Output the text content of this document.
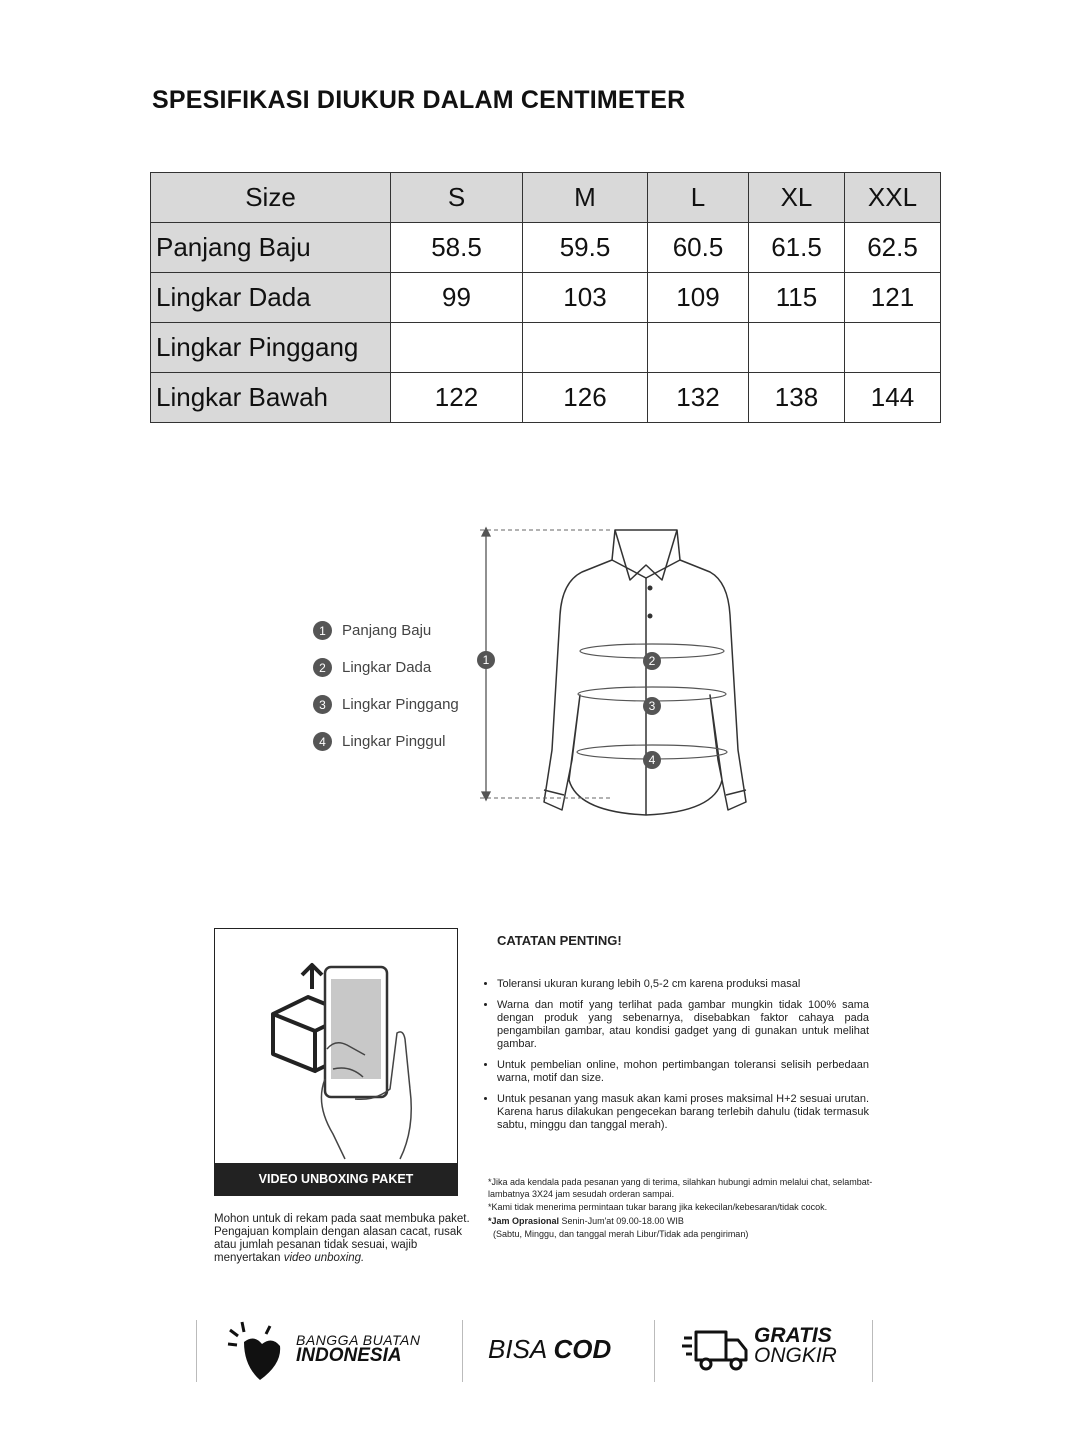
SPESIFIKASI DIUKUR DALAM CENTIMETER
Size	S	M	L	XL	XXL
Panjang Baju	58.5	59.5	60.5	61.5	62.5
Lingkar Dada	99	103	109	115	121
Lingkar Pinggang					
Lingkar Bawah	122	126	132	138	144
1	Panjang Baju
2	Lingkar Dada
3	Lingkar Pinggang
4	Lingkar Pinggul
1	2
3
4
VIDEO UNBOXING PAKET
Mohon untuk di rekam pada saat membuka paket. Pengajuan komplain dengan alasan cacat, rusak atau jumlah pesanan tidak sesuai, wajib menyertakan video unboxing.
CATATAN PENTING!
• Toleransi ukuran kurang lebih 0,5-2 cm karena produksi masal
• Warna dan motif yang terlihat pada gambar mungkin tidak 100% sama dengan produk yang sebenarnya, disebabkan faktor cahaya pada pengambilan gambar, atau kondisi gadget yang di gunakan untuk melihat gambar.
• Untuk pembelian online, mohon pertimbangan toleransi selisih perbedaan warna, motif dan size.
• Untuk pesanan yang masuk akan kami proses maksimal H+2 sesuai urutan. Karena harus dilakukan pengecekan barang terlebih dahulu (tidak termasuk sabtu, minggu dan tanggal merah).

*Jika ada kendala pada pesanan yang di terima, silahkan hubungi admin melalui chat, selambat-lambatnya 3X24 jam sesudah orderan sampai.

*Kami tidak menerima permintaan tukar barang jika kekecilan/kebesaran/tidak cocok.

*Jam Oprasional Senin-Jum'at 09.00-18.00 WIB

(Sabtu, Minggu, dan tanggal merah Libur/Tidak ada pengiriman)

BANGGA BUATAN
INDONESIA	BISA COD	GRATIS
ONGKIR
